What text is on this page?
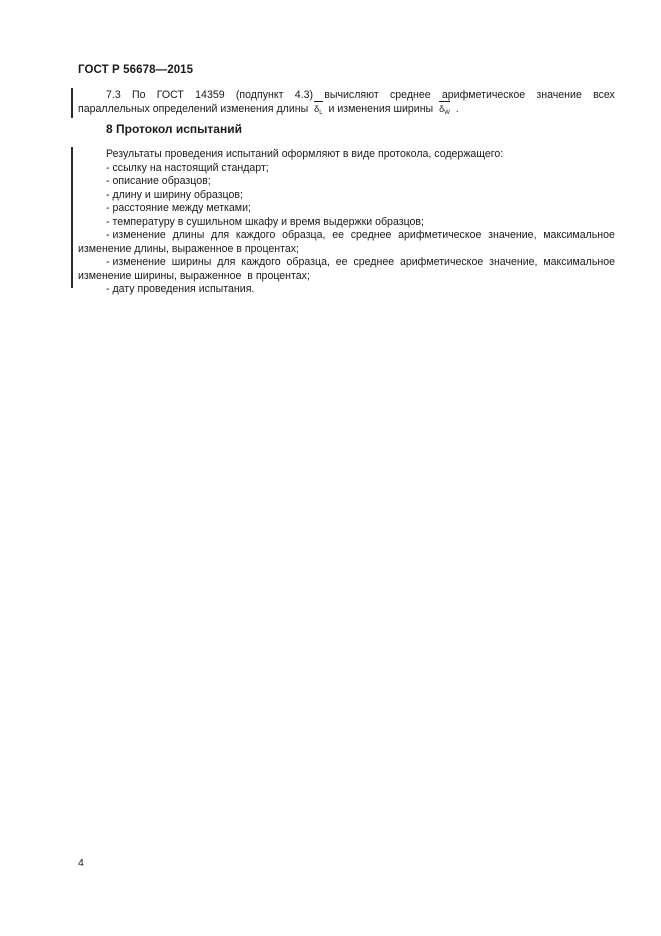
ГОСТ Р 56678—2015
7.3 По ГОСТ 14359 (подпункт 4.3) вычисляют среднее арифметическое значение всех
параллельных определений изменения длины $\delta_L$ и изменения ширины $\delta_W$ .
8 Протокол испытаний
Результаты проведения испытаний оформляют в виде протокола, содержащего:
- ссылку на настоящий стандарт;
- описание образцов;
- длину и ширину образцов;
- расстояние между метками;
- температуру в сушильном шкафу и время выдержки образцов;
- изменение длины для каждого образца, ее среднее арифметическое значение, максимальное
изменение длины, выраженное в процентах;
- изменение ширины для каждого образца, ее среднее арифметическое значение, максимальное
изменение ширины, выраженное  в процентах;
- дату проведения испытания.
4
